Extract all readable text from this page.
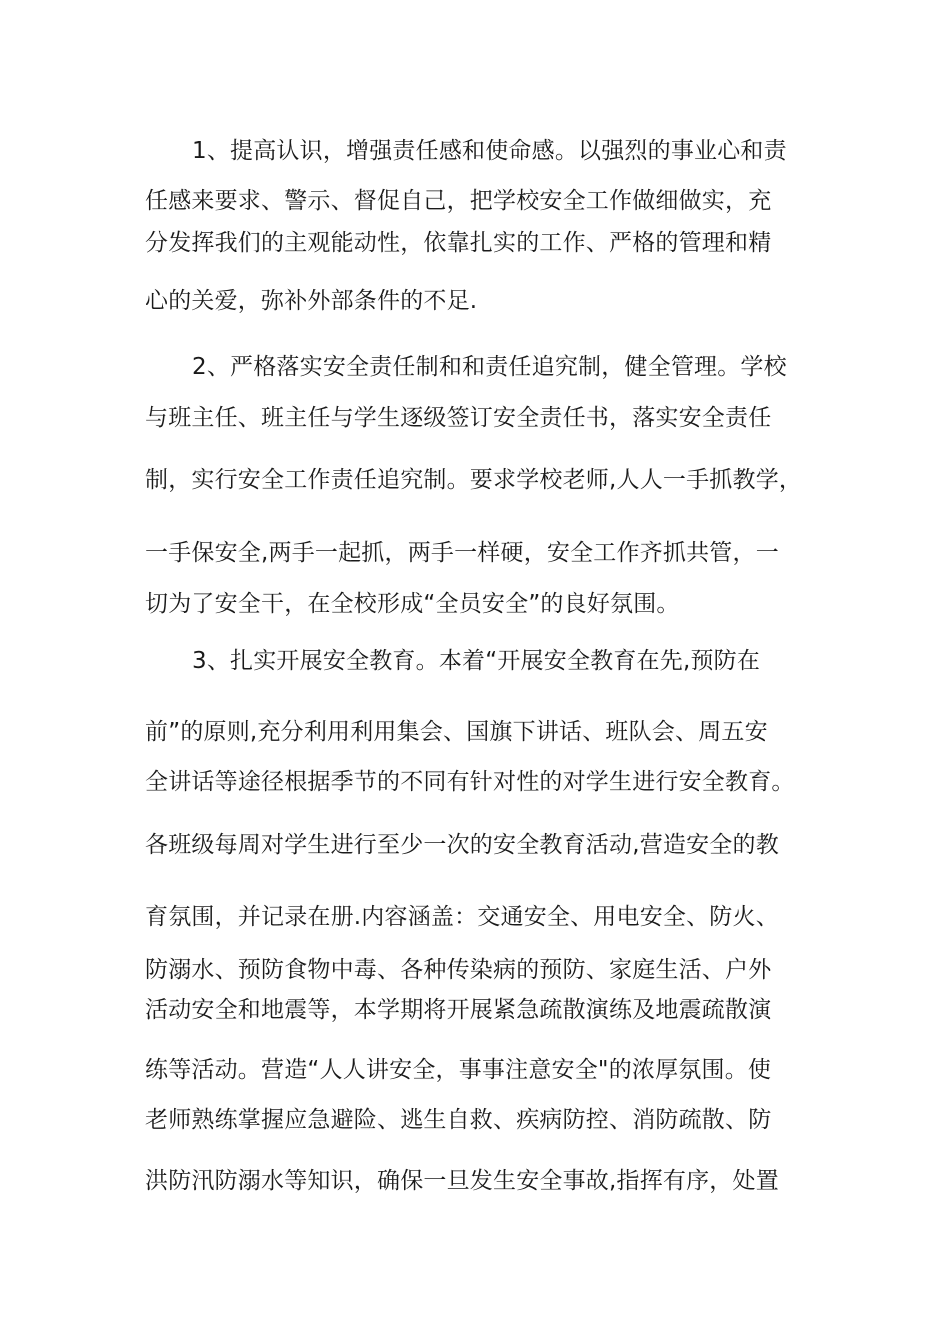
1、提高认识，增强责任感和使命感。以强烈的事业心和责
任感来要求、警示、督促自己，把学校安全工作做细做实，充
分发挥我们的主观能动性，依靠扎实的工作、严格的管理和精
心的关爱，弥补外部条件的不足.
2、严格落实安全责任制和和责任追究制，健全管理。学校
与班主任、班主任与学生逐级签订安全责任书，落实安全责任
制，实行安全工作责任追究制。要求学校老师,人人一手抓教学，
一手保安全,两手一起抓，两手一样硬，安全工作齐抓共管，一
切为了安全干，在全校形成“全员安全”的良好氛围。
3、扎实开展安全教育。本着“开展安全教育在先,预防在
前”的原则,充分利用利用集会、国旗下讲话、班队会、周五安
全讲话等途径根据季节的不同有针对性的对学生进行安全教育。
各班级每周对学生进行至少一次的安全教育活动,营造安全的教
育氛围，并记录在册.内容涵盖：交通安全、用电安全、防火、
防溺水、预防食物中毒、各种传染病的预防、家庭生活、户外
活动安全和地震等，本学期将开展紧急疏散演练及地震疏散演
练等活动。营造“人人讲安全，事事注意安全"的浓厚氛围。使
老师熟练掌握应急避险、逃生自救、疾病防控、消防疏散、防
洪防汛防溺水等知识，确保一旦发生安全事故,指挥有序，处置
